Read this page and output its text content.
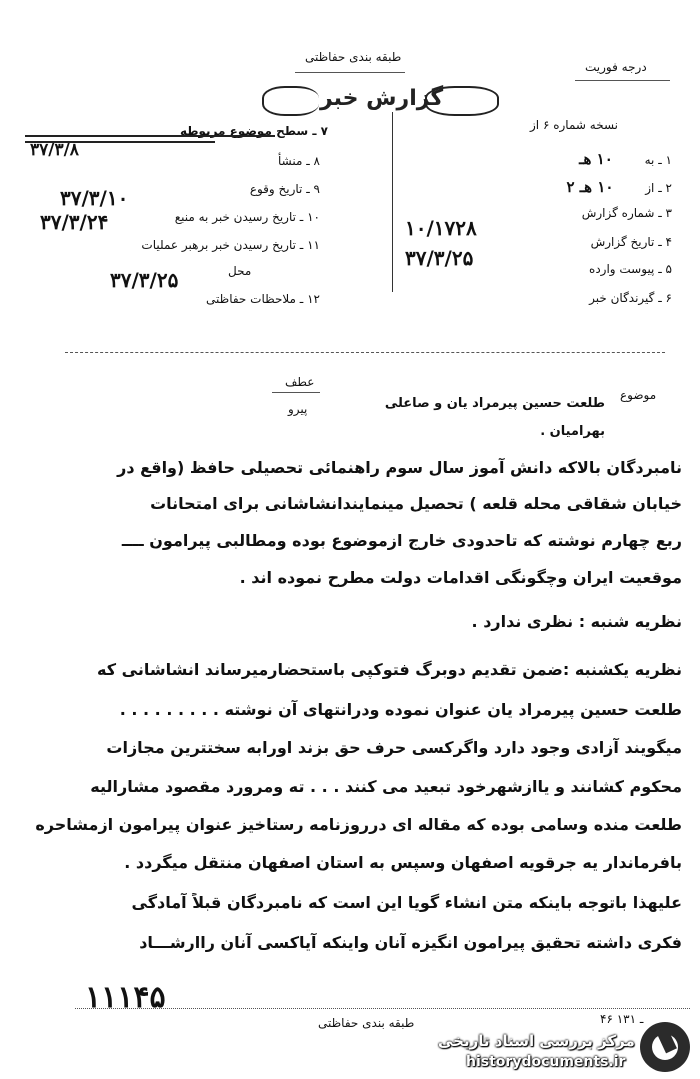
طبقه بندی حفاظتی
درجه فوریت
گزارش خبر
نسخه شماره ۶ از
۱ ـ به ۱۰ هـ
۲ ـ از ۱۰ هـ ۲
۳ ـ شماره گزارش
۱۰/۱۷۲۸
۴ ـ تاریخ گزارش
۳۷/۳/۲۵	۵ ـ پیوست وارده
۶ ـ گیرندگان خبر
۷ ـ سطح موضوع مربوطه
۳۷/۳/۸
۸ ـ منشأ
۹ ـ تاریخ وقوع
۳۷/۳/۱۰
۱۰ ـ تاریخ رسیدن خبر به منبع
۳۷/۳/۲۴
۱۱ ـ تاریخ رسیدن خبر برهبر عملیات
محل
۳۷/۳/۲۵
۱۲ ـ ملاحظات حفاظتی
عطف
موضوع
پیرو	طلعت حسین پیرمراد یان و صاعلی
بهرامیان .
نامبردگان بالاکه دانش آموز سال سوم راهنمائی تحصیلی حافظ (واقع در
خیابان شقاقی محله قلعه ) تحصیل مینمایندانشاشانی برای امتحانات
ربع چهارم نوشته که تاحدودی خارج ازموضوع بوده ومطالبی پیرامون ــــ
موقعیت ایران وچگونگی اقدامات دولت مطرح نموده اند .
نظریه شنبه : نظری ندارد .
نظریه یکشنبه :ضمن تقدیم دوبرگ فتوکپی باستحضارمیرساند انشاشانی که
طلعت حسین پیرمراد یان عنوان نموده ودرانتهای آن نوشته . . . . . . . . .
میگویند آزادی وجود دارد واگرکسی حرف حق بزند اورابه سختترین مجازات
محکوم کشانند و یاازشهرخود تبعید می کنند . . . ته ومرورد مقصود مشارالیه
طلعت منده وسامی بوده که مقاله ای درروزنامه رستاخیز عنوان پیرامون ازمشاحره
بافرماندار یه جرقویه اصفهان وسپس به استان اصفهان منتقل میگردد .
علیهذا باتوجه باینکه متن انشاء گویا این است که نامبردگان قبلاً آمادگی
فکری داشته تحقیق پیرامون انگیزه آنان واینکه آیاکسی آنان راارشـــاد
۱۱۱۴۵
۴۶ ـ ۱۳۱
طبقه بندی حفاظتی
مرکز بررسی اسناد تاریخی
historydocuments.ir
